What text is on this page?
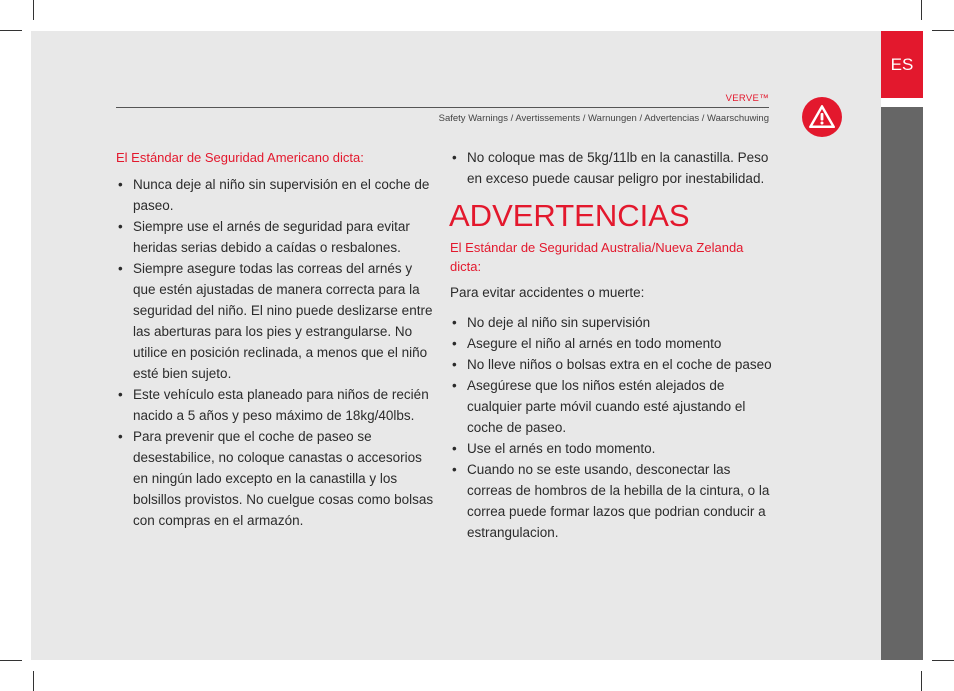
ES
VERVE™
Safety Warnings / Avertissements / Warnungen / Advertencias / Waarschuwing
El Estándar de Seguridad Americano dicta:
• Nunca deje al niño sin supervisión en el coche de paseo.
• Siempre use el arnés de seguridad para evitar heridas serias debido a caídas o resbalones.
• Siempre asegure todas las correas del arnés y que estén ajustadas de manera correcta para la seguridad del niño. El nino puede deslizarse entre las aberturas para los pies y estrangularse. No utilice en posición reclinada, a menos que el niño esté bien sujeto.
• Este vehículo esta planeado para niños de recién nacido a 5 años y peso máximo de 18kg/40lbs.
• Para prevenir que el coche de paseo se desestabilice, no coloque canastas o accesorios en ningún lado excepto en la canastilla y los bolsillos provistos. No cuelgue cosas como bolsas con compras en el armazón.
• No coloque mas de 5kg/11lb en la canastilla. Peso en exceso puede causar peligro por inestabilidad.
ADVERTENCIAS
El Estándar de Seguridad Australia/Nueva Zelanda dicta:
Para evitar accidentes o muerte:
• No deje al niño sin supervisión
• Asegure el niño al arnés en todo momento
• No lleve niños o bolsas extra en el coche de paseo
• Asegúrese que los niños estén alejados de cualquier parte móvil cuando esté ajustando el coche de paseo.
• Use el arnés en todo momento.
• Cuando no se este usando, desconectar las correas de hombros de la hebilla de la cintura, o la correa puede formar lazos que podrian conducir a estrangulacion.
